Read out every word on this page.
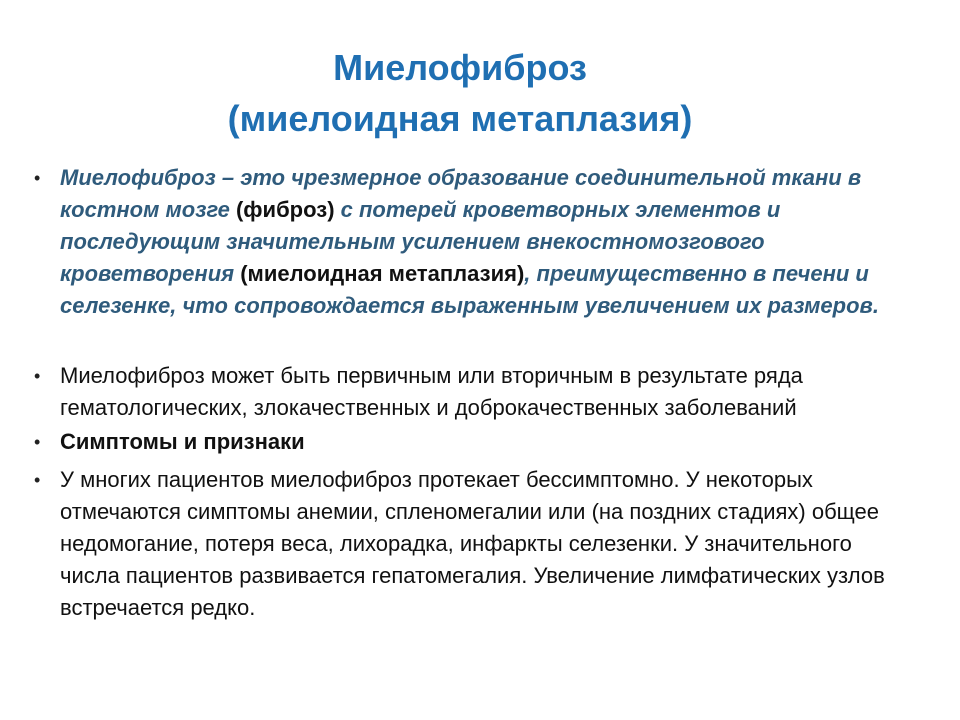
Миелофиброз
(миелоидная метаплазия)
• Миелофиброз – это чрезмерное образование соединительной ткани в костном мозге (фиброз) с потерей кроветворных элементов и последующим значительным усилением внекостномозгового кроветворения (миелоидная метаплазия), преимущественно в печени и селезенке, что сопровождается выраженным увеличением их размеров.
• Миелофиброз может быть первичным или вторичным в результате ряда гематологических, злокачественных и доброкачественных заболеваний
• Симптомы и признаки
• У многих пациентов миелофиброз протекает бессимптомно. У некоторых отмечаются симптомы анемии, спленомегалии или (на поздних стадиях) общее недомогание, потеря веса, лихорадка, инфаркты селезенки. У значительного числа пациентов развивается гепатомегалия. Увеличение лимфатических узлов встречается редко.
